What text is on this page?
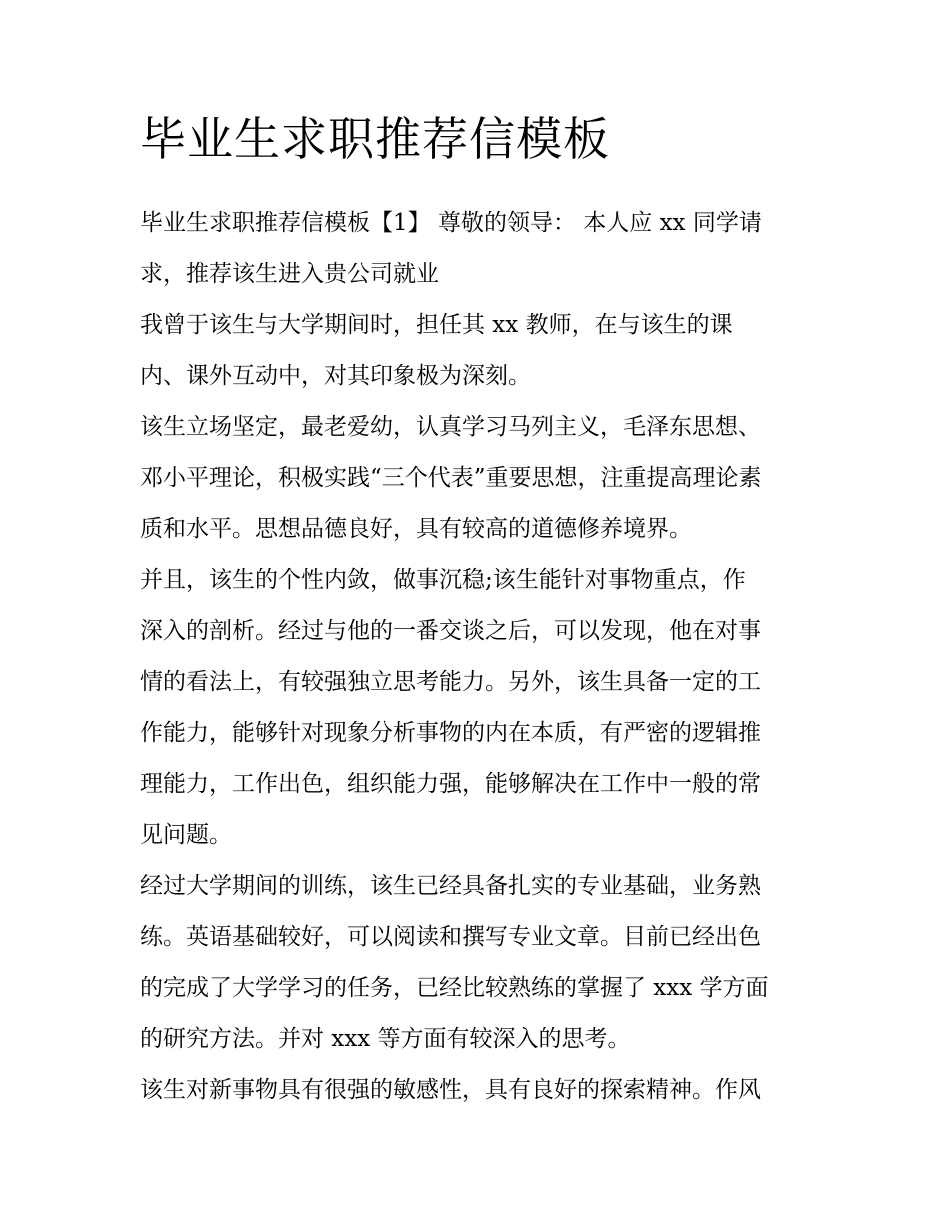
毕业生求职推荐信模板
毕业生求职推荐信模板【1】 尊敬的领导： 本人应 xx 同学请
求，推荐该生进入贵公司就业
我曾于该生与大学期间时，担任其 xx 教师，在与该生的课
内、课外互动中，对其印象极为深刻。
该生立场坚定，最老爱幼，认真学习马列主义，毛泽东思想、
邓小平理论，积极实践“三个代表”重要思想，注重提高理论素
质和水平。思想品德良好，具有较高的道德修养境界。
并且，该生的个性内敛，做事沉稳;该生能针对事物重点，作
深入的剖析。经过与他的一番交谈之后，可以发现，他在对事
情的看法上，有较强独立思考能力。另外，该生具备一定的工
作能力，能够针对现象分析事物的内在本质，有严密的逻辑推
理能力，工作出色，组织能力强，能够解决在工作中一般的常
见问题。
经过大学期间的训练，该生已经具备扎实的专业基础，业务熟
练。英语基础较好，可以阅读和撰写专业文章。目前已经出色
的完成了大学学习的任务，已经比较熟练的掌握了 xxx 学方面
的研究方法。并对 xxx 等方面有较深入的思考。
该生对新事物具有很强的敏感性，具有良好的探索精神。作风
